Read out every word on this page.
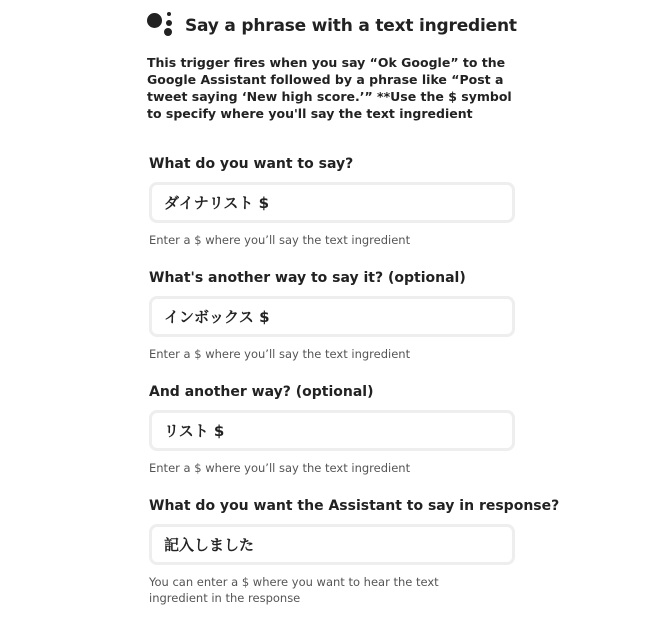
Say a phrase with a text ingredient
This trigger fires when you say “Ok Google” to the Google Assistant followed by a phrase like “Post a tweet saying ‘New high score.’” **Use the $ symbol to specify where you'll say the text ingredient
What do you want to say?
ダイナリスト $
Enter a $ where you’ll say the text ingredient
What's another way to say it? (optional)
インボックス $
Enter a $ where you’ll say the text ingredient
And another way? (optional)
リスト $
Enter a $ where you’ll say the text ingredient
What do you want the Assistant to say in response?
記入しました
You can enter a $ where you want to hear the text ingredient in the response
